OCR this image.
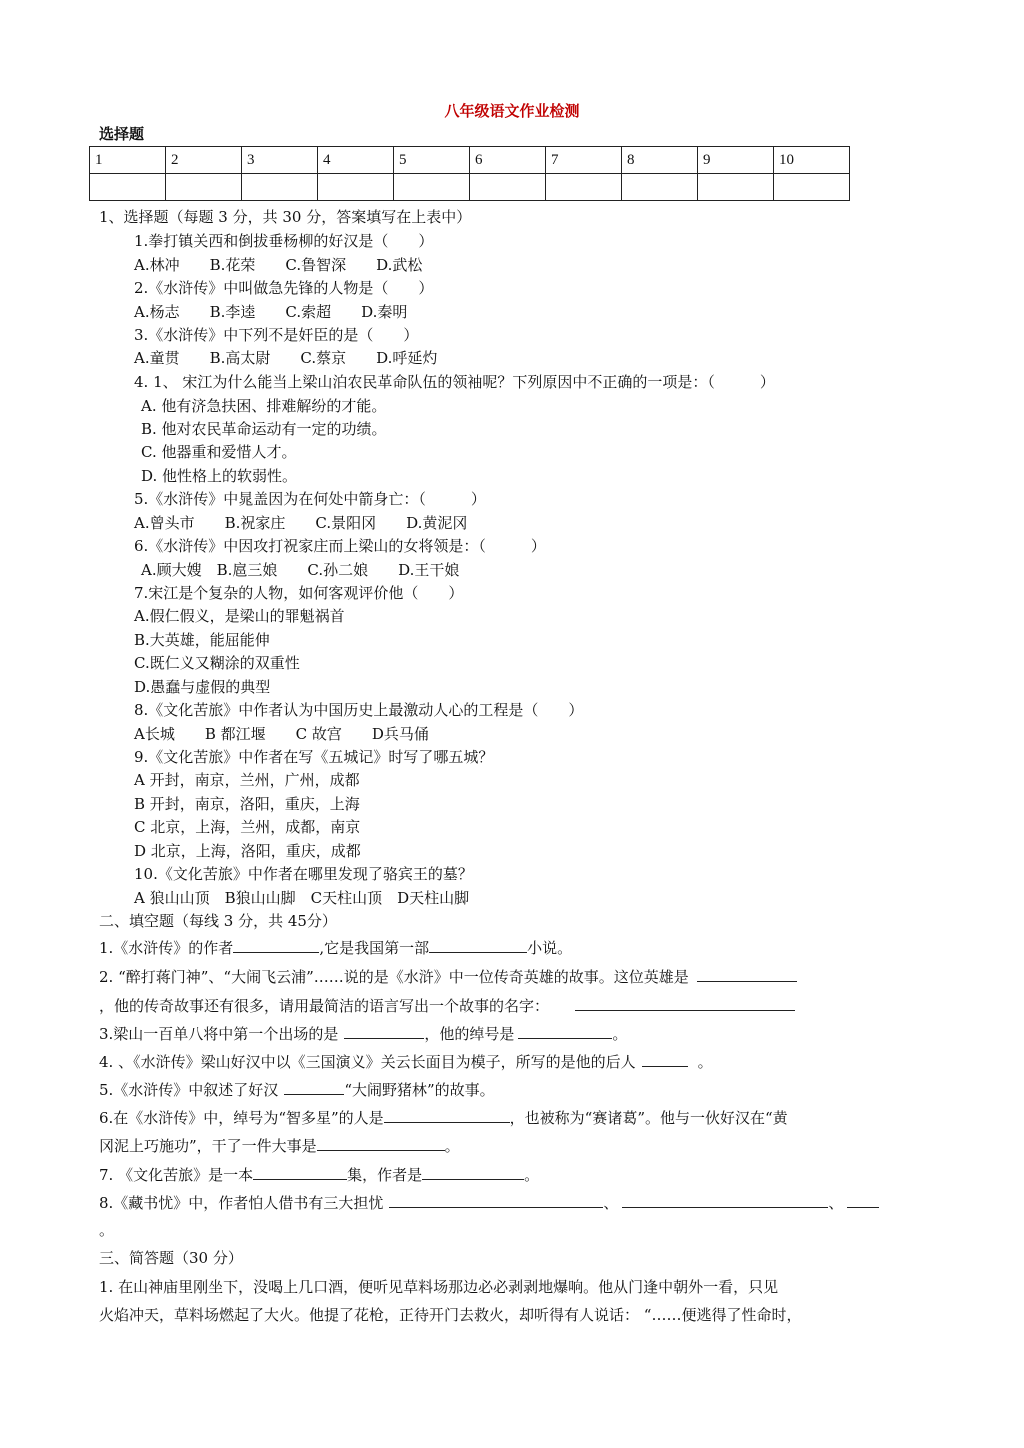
八年级语文作业检测
选择题
1	2	3	4	5	6	7	8	9	10

1、选择题（每题 3 分，共 30 分，答案填写在上表中）
1.拳打镇关西和倒拔垂杨柳的好汉是（　　）
A.林冲　　B.花荣　　C.鲁智深　　D.武松
2.《水浒传》中叫做急先锋的人物是（　　）
A.杨志　　B.李逵　　C.索超　　D.秦明
3.《水浒传》中下列不是奸臣的是（　　）
A.童贯　　B.高太尉　　C.蔡京　　D.呼延灼
4. 1、 宋江为什么能当上梁山泊农民革命队伍的领袖呢？下列原因中不正确的一项是：（　　　）
A. 他有济急扶困、排难解纷的才能。
B. 他对农民革命运动有一定的功绩。
C. 他器重和爱惜人才。
D. 他性格上的软弱性。
5.《水浒传》中晁盖因为在何处中箭身亡：（　　　）
A.曾头市　　B.祝家庄　　C.景阳冈　　D.黄泥冈
6.《水浒传》中因攻打祝家庄而上梁山的女将领是：（　　　）
A.顾大嫂　B.扈三娘　　C.孙二娘　　D.王干娘
7.宋江是个复杂的人物，如何客观评价他（　　）
A.假仁假义，是梁山的罪魁祸首
B.大英雄，能屈能伸
C.既仁义又糊涂的双重性
D.愚蠢与虚假的典型
8.《文化苦旅》中作者认为中国历史上最激动人心的工程是（　　）
A长城　　B 都江堰　　C 故宫　　D兵马俑
9.《文化苦旅》中作者在写《五城记》时写了哪五城？
A 开封，南京，兰州，广州，成都
B 开封，南京，洛阳，重庆，上海
C 北京，上海，兰州，成都，南京
D 北京，上海，洛阳，重庆，成都
10.《文化苦旅》中作者在哪里发现了骆宾王的墓？
A 狼山山顶　B狼山山脚　C天柱山顶　D天柱山脚
二、填空题（每线 3 分，共 45分）
1.《水浒传》的作者	,它是我国第一部	小说。
2. “醉打蒋门神”、“大闹飞云浦”……说的是《水浒》中一位传奇英雄的故事。这位英雄是
，他的传奇故事还有很多，请用最简洁的语言写出一个故事的名字：
3.梁山一百单八将中第一个出场的是	，他的绰号是	。
4. 、《水浒传》梁山好汉中以《三国演义》关云长面目为模子，所写的是他的后人	。
5.《水浒传》中叙述了好汉	“大闹野猪林”的故事。
6.在《水浒传》中，绰号为“智多星”的人是	，也被称为“赛诸葛”。他与一伙好汉在“黄
冈泥上巧施功”，干了一件大事是	。
7. 《文化苦旅》是一本	集，作者是	。
8.《藏书忧》中，作者怕人借书有三大担忧	、	、
。
三、简答题（30 分）
1. 在山神庙里刚坐下，没喝上几口酒，便听见草料场那边必必剥剥地爆响。他从门逢中朝外一看，只见
火焰冲天，草料场燃起了大火。他提了花枪，正待开门去救火，却听得有人说话： “……便逃得了性命时，
